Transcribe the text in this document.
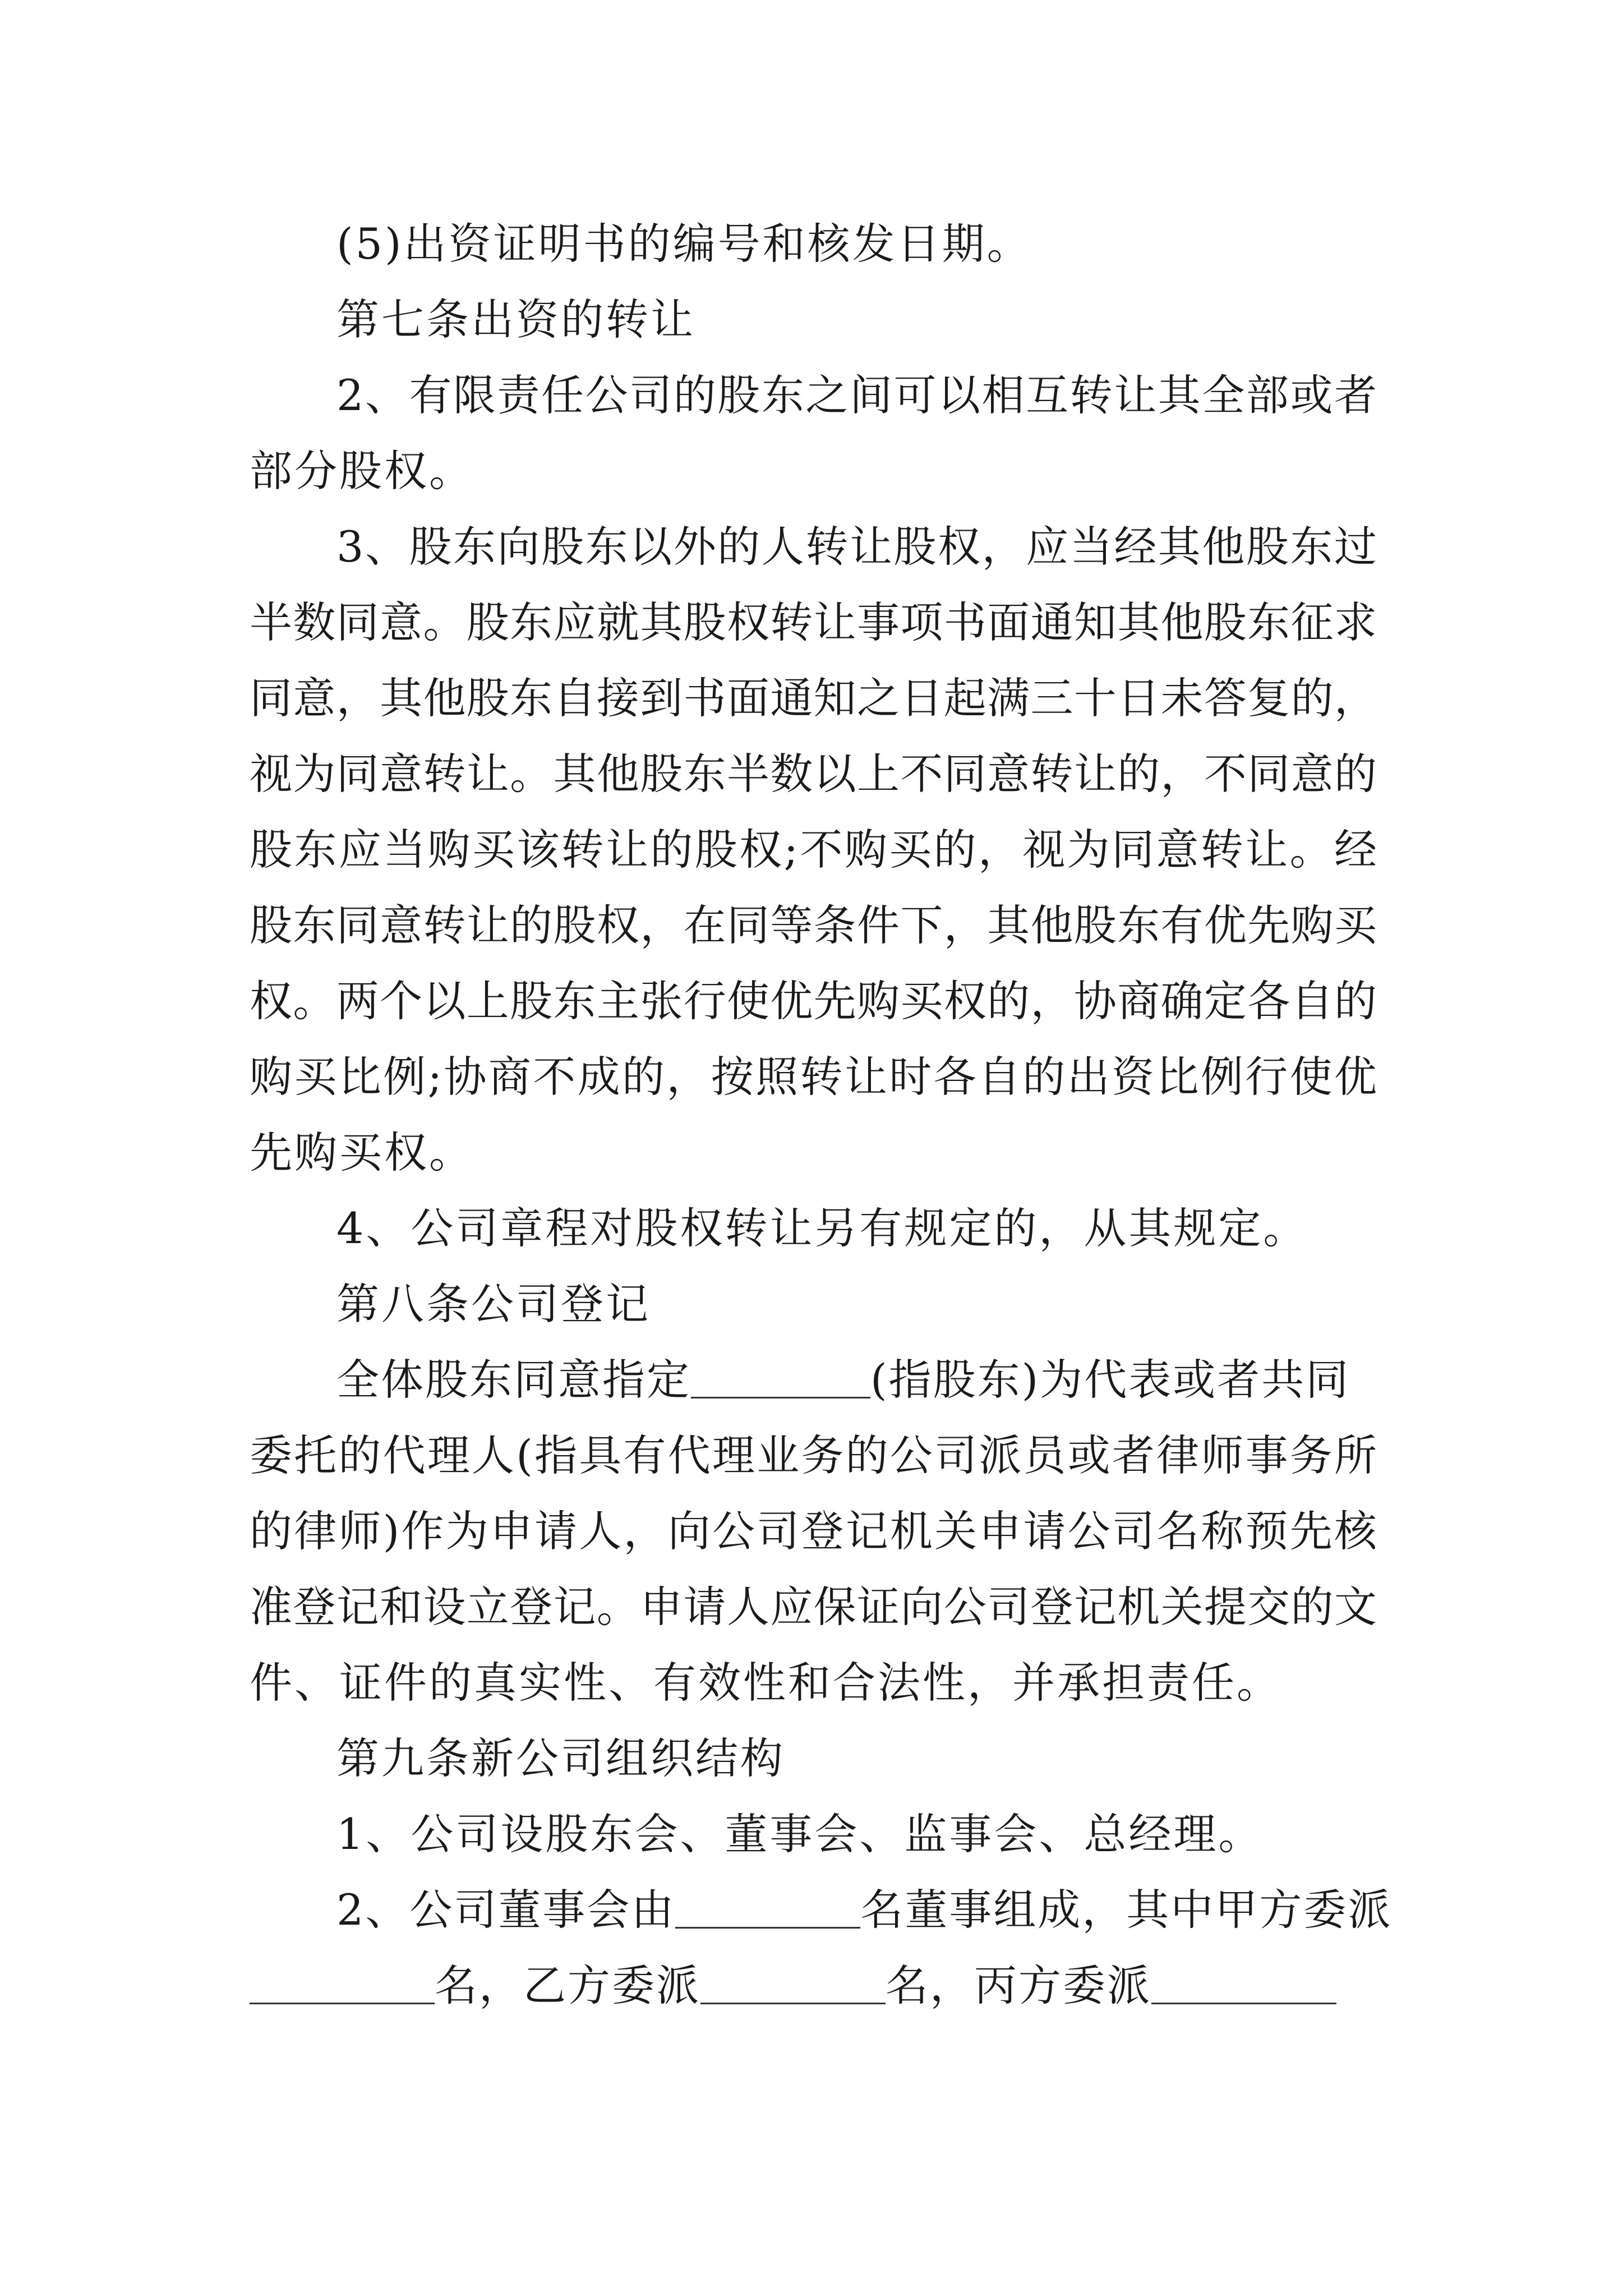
(5)出资证明书的编号和核发日期。
第七条出资的转让
2、有限责任公司的股东之间可以相互转让其全部或者
部分股权。
3、股东向股东以外的人转让股权，应当经其他股东过
半数同意。股东应就其股权转让事项书面通知其他股东征求
同意，其他股东自接到书面通知之日起满三十日未答复的，
视为同意转让。其他股东半数以上不同意转让的，不同意的
股东应当购买该转让的股权;不购买的，视为同意转让。经
股东同意转让的股权，在同等条件下，其他股东有优先购买
权。两个以上股东主张行使优先购买权的，协商确定各自的
购买比例;协商不成的，按照转让时各自的出资比例行使优
先购买权。
4、公司章程对股权转让另有规定的，从其规定。
第八条公司登记
全体股东同意指定	(指股东)为代表或者共同
委托的代理人(指具有代理业务的公司派员或者律师事务所
的律师)作为申请人，向公司登记机关申请公司名称预先核
准登记和设立登记。申请人应保证向公司登记机关提交的文
件、证件的真实性、有效性和合法性，并承担责任。
第九条新公司组织结构
1、公司设股东会、董事会、监事会、总经理。
2、公司董事会由	名董事组成，其中甲方委派
名，乙方委派	名，丙方委派
